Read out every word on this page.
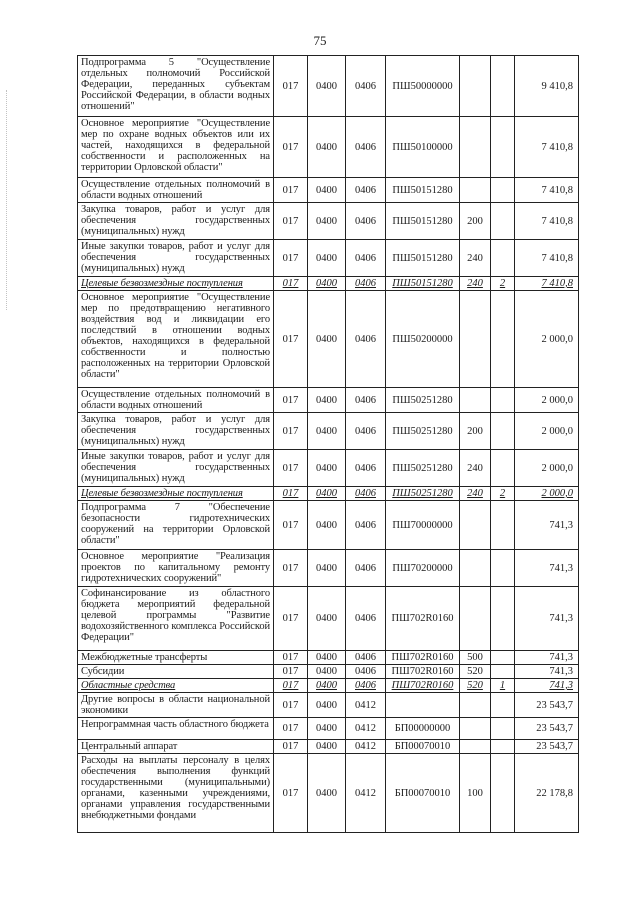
75
Подпрограмма 5 "Осуществление отдельных полномочий Российской Федерации, переданных субъектам Российской Федерации, в области водных отношений"	017	0400	0406	ПШ50000000			9 410,8
Основное мероприятие "Осуществление мер по охране водных объектов или их частей, находящихся в федеральной собственности и расположенных на территории Орловской области"	017	0400	0406	ПШ50100000			7 410,8
Осуществление отдельных полномочий в области водных отношений	017	0400	0406	ПШ50151280			7 410,8
Закупка товаров, работ и услуг для обеспечения государственных (муниципальных) нужд	017	0400	0406	ПШ50151280	200		7 410,8
Иные закупки товаров, работ и услуг для обеспечения государственных (муниципальных) нужд	017	0400	0406	ПШ50151280	240		7 410,8
Целевые безвозмездные поступления	017	0400	0406	ПШ50151280	240	2	7 410,8
Основное мероприятие "Осуществление мер по предотвращению негативного воздействия вод и ликвидации его последствий в отношении водных объектов, находящихся в федеральной собственности и полностью расположенных на территории Орловской области"	017	0400	0406	ПШ50200000			2 000,0
Осуществление отдельных полномочий в области водных отношений	017	0400	0406	ПШ50251280			2 000,0
Закупка товаров, работ и услуг для обеспечения государственных (муниципальных) нужд	017	0400	0406	ПШ50251280	200		2 000,0
Иные закупки товаров, работ и услуг для обеспечения государственных (муниципальных) нужд	017	0400	0406	ПШ50251280	240		2 000,0
Целевые безвозмездные поступления	017	0400	0406	ПШ50251280	240	2	2 000,0
Подпрограмма 7 "Обеспечение безопасности гидротехнических сооружений на территории Орловской области"	017	0400	0406	ПШ70000000			741,3
Основное мероприятие "Реализация проектов по капитальному ремонту гидротехнических сооружений"	017	0400	0406	ПШ70200000			741,3
Софинансирование из областного бюджета мероприятий федеральной целевой программы "Развитие водохозяйственного комплекса Российской Федерации"	017	0400	0406	ПШ702R0160			741,3
Межбюджетные трансферты	017	0400	0406	ПШ702R0160	500		741,3
Субсидии	017	0400	0406	ПШ702R0160	520		741,3
Областные средства	017	0400	0406	ПШ702R0160	520	1	741,3
Другие вопросы в области национальной экономики	017	0400	0412				23 543,7
Непрограммная часть областного бюджета	017	0400	0412	БП00000000			23 543,7
Центральный аппарат	017	0400	0412	БП00070010			23 543,7
Расходы на выплаты персоналу в целях обеспечения выполнения функций государственными (муниципальными) органами, казенными учреждениями, органами управления государственными внебюджетными фондами	017	0400	0412	БП00070010	100		22 178,8
